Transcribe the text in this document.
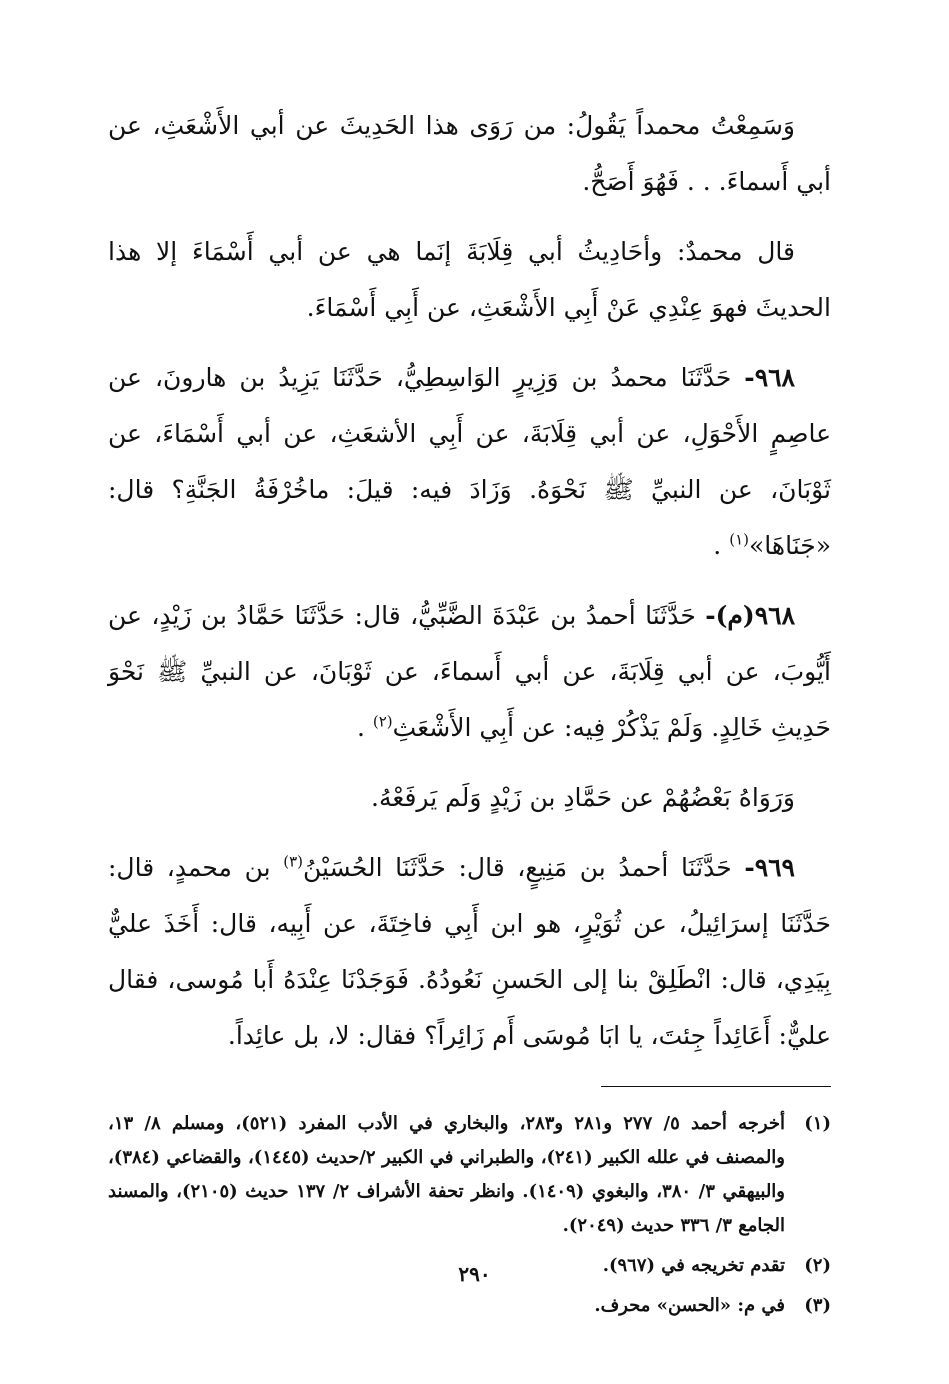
وَسَمِعْتُ محمداً يَقُولُ: من رَوَى هذا الحَدِيثَ عن أبي الأَشْعَثِ، عن أبي أَسماءَ. . . فَهُوَ أَصَحُّ.

قال محمدٌ: وأحَادِيثُ أبي قِلَابَةَ إنَما هي عن أبي أَسْمَاءَ إلا هذا الحديثَ فهوَ عِنْدِي عَنْ أَبِي الأَشْعَثِ، عن أَبِي أَسْمَاءَ.

٩٦٨- حَدَّثَنَا محمدُ بن وَزِيرٍ الوَاسِطِيُّ، حَدَّثَنَا يَزِيدُ بن هارونَ، عن عاصِمٍ الأَحْوَلِ، عن أبي قِلَابَةَ، عن أَبِي الأشعَثِ، عن أبي أَسْمَاءَ، عن ثَوْبَانَ، عن النبيِّ ﷺ نَحْوَهُ. وَزَادَ فيه: قيلَ: ماخُرْفَةُ الجَنَّةِ؟ قال: «جَنَاهَا»$^{(١)}$ .

٩٦٨(م)- حَدَّثَنَا أحمدُ بن عَبْدَةَ الضَّبِّيُّ، قال: حَدَّثَنَا حَمَّادُ بن زَيْدٍ، عن أَيُّوبَ، عن أبي قِلَابَةَ، عن أبي أَسماءَ، عن ثَوْبَانَ، عن النبيِّ ﷺ نَحْوَ حَدِيثِ خَالِدٍ. وَلَمْ يَذْكُرْ فِيه: عن أَبِي الأَشْعَثِ$^{(٢)}$ .

وَرَوَاهُ بَعْضُهُمْ عن حَمَّادِ بن زَيْدٍ وَلَم يَرفَعْهُ.

٩٦٩- حَدَّثَنَا أحمدُ بن مَنِيعٍ، قال: حَدَّثَنَا الحُسَيْنُ$^{(٣)}$ بن محمدٍ، قال: حَدَّثَنَا إسرَائِيلُ، عن ثُوَيْرٍ، هو ابن أَبِي فاخِتَةَ، عن أَبِيه، قال: أَخَذَ عليٌّ بِيَدِي، قال: انْطَلِقْ بنا إلى الحَسنِ نَعُودُهُ. فَوَجَدْنَا عِنْدَهُ أَبا مُوسى، فقال عليٌّ: أَعَائِداً جِئتَ، يا ابَا مُوسَى أَم زَائِراً؟ فقال: لا، بل عائِداً.

(١)
أخرجه أحمد ٥/ ٢٧٧ و٢٨١ و٢٨٣، والبخاري في الأدب المفرد (٥٢١)، ومسلم ٨/ ١٣، والمصنف في علله الكبير (٢٤١)، والطبراني في الكبير ٢/حديث (١٤٤٥)، والقضاعي (٣٨٤)، والبيهقي ٣/ ٣٨٠، والبغوي (١٤٠٩). وانظر تحفة الأشراف ٢/ ١٣٧ حديث (٢١٠٥)، والمسند الجامع ٣/ ٣٣٦ حديث (٢٠٤٩).
(٢)
تقدم تخريجه في (٩٦٧).
(٣)
في م: «الحسن» محرف.
٢٩٠
